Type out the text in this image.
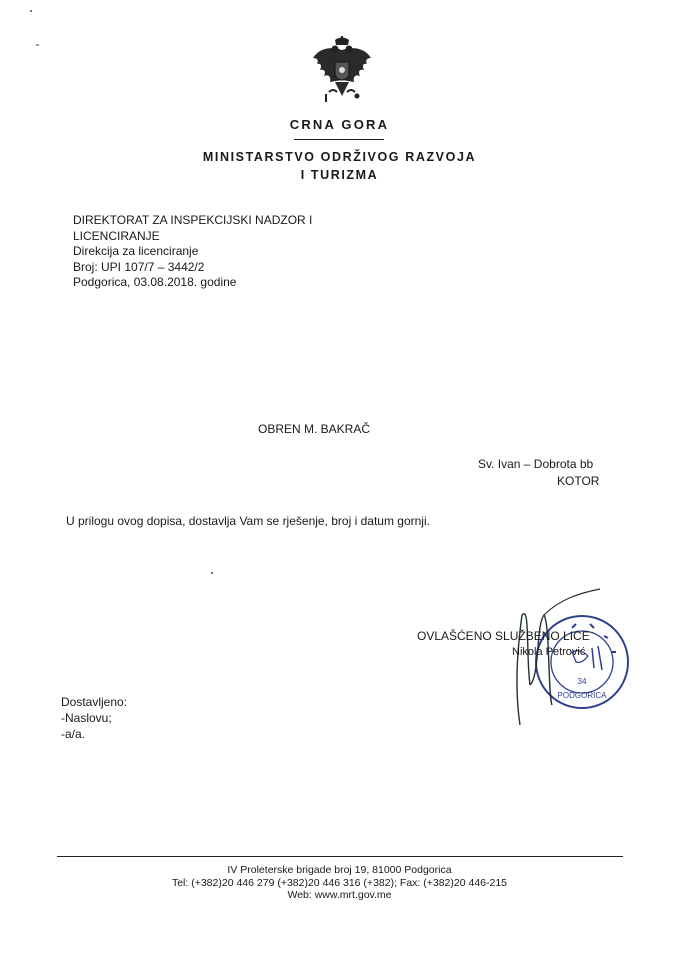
CRNA GORA
MINISTARSTVO ODRŽIVOG RAZVOJA
I TURIZMA
DIREKTORAT ZA INSPEKCIJSKI NADZOR I
LICENCIRANJE
Direkcija za licenciranje
Broj: UPI 107/7 – 3442/2
Podgorica, 03.08.2018. godine
OBREN M. BAKRAČ
Sv. Ivan – Dobrota bb
KOTOR
U prilogu ovog dopisa, dostavlja Vam se rješenje, broj i datum gornji.
34
PODGORICA
OVLAŠĆENO SLUŽBENO LICE
Nikola Petrović
Dostavljeno:
-Naslovu;
-a/a.
IV Proleterske brigade broj 19, 81000 Podgorica
Tel: (+382)20 446 279 (+382)20 446 316 (+382); Fax: (+382)20 446-215
Web: www.mrt.gov.me
